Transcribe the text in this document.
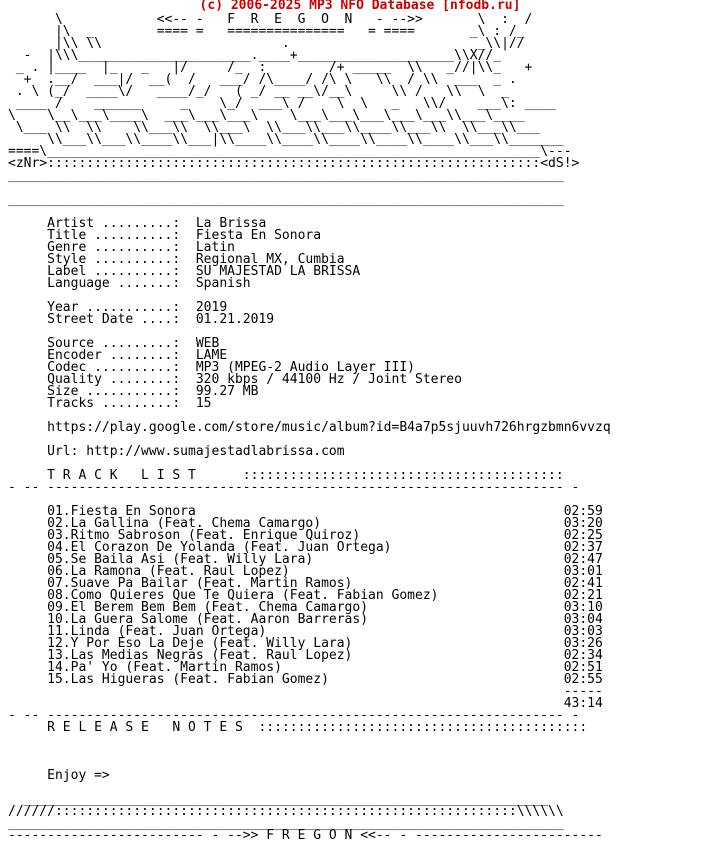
(c) 2006-2025 MP3 NFO Database [nfodb.ru]
\            <<-- -   F  R  E  G  O  N   - -->>       \  :  /
|\  _        ==== =   ===============   = ====       _\ : /_
|\\ \\                       .                        _\\|//
-  |\\\______________________.____+____________________\\X//_
_ . |____  |_   _   |/     /_  :        /+ _____  \\   _//|\\_   +
+  .__/  ___|/  __(  /   ___/ /\____/ /\ \   \\  / \\  ___  _ .
. \ (_/  ____\/   ____/_/   ( _/ __ __\/__\     \\ /   \\  \  _
____ /    ______     _    \_/  ___\ /    \  \   _   \\/    ___\: ____
\    \__\___\____\  ___\___\___\    \___\___\___\___\___\\___\____
\___ \\  \\    \\___\\  \\___\  \\___\\___\\____\\___\\  \\___\\___
\\___\\___\\____\\___|\\____\\____\\____\\____\\____\\___\\_______
====\_______________________________________________________________\---
<zNr>:::::::::::::::::::::::::::::::::::::::::::::::::::::::::::::::<dS!>
_______________________________________________________________________

_______________________________________________________________________

Artist .........:  La Brissa
Title ..........:  Fiesta En Sonora
Genre ..........:  Latin
Style ..........:  Regional MX, Cumbia
Label ..........:  SU MAJESTAD LA BRISSA
Language .......:  Spanish

Year ...........:  2019
Street Date ....:  01.21.2019

Source .........:  WEB
Encoder ........:  LAME
Codec ..........:  MP3 (MPEG-2 Audio Layer III)
Quality ........:  320 kbps / 44100 Hz / Joint Stereo
Size ...........:  99.27 MB
Tracks .........:  15

https://play.google.com/store/music/album?id=B4a7p5sjuuvh726hrgzbmn6vvzq

Url: http://www.sumajestadlabrissa.com

T R A C K   L I S T      :::::::::::::::::::::::::::::::::::::::::
- -- ------------------------------------------------------------------ -

01.Fiesta En Sonora                                               02:59
02.La Gallina (Feat. Chema Camargo)                               03:20
03.Ritmo Sabroson (Feat. Enrique Quiroz)                          02:25
04.El Corazon De Yolanda (Feat. Juan Ortega)                      02:37
05.Se Baila Asi (Feat. Willy Lara)                                02:47
06.La Ramona (Feat. Raul Lopez)                                   03:01
07.Suave Pa Bailar (Feat. Martin Ramos)                           02:41
08.Como Quieres Que Te Quiera (Feat. Fabian Gomez)                02:21
09.El Berem Bem Bem (Feat. Chema Camargo)                         03:10
10.La Guera Salome (Feat. Aaron Barreras)                         03:04
11.Linda (Feat. Juan Ortega)                                      03:03
12.Y Por Eso La Deje (Feat. Willy Lara)                           03:26
13.Las Medias Negras (Feat. Raul Lopez)                           02:34
14.Pa' Yo (Feat. Martin Ramos)                                    02:51
15.Las Higueras (Feat. Fabian Gomez)                              02:55
-----
43:14
- -- ------------------------------------------------------------------ -
R E L E A S E   N O T E S  ::::::::::::::::::::::::::::::::::::::::::

Enjoy =>

___________________________________________________________________
//////:::::::::::::::::::::::::::::::::::::::::::::::::::::::::::\\\\\\
_______________________________________________________________________
------------------------- - -->> F R E G O N <<-- - ------------------------
